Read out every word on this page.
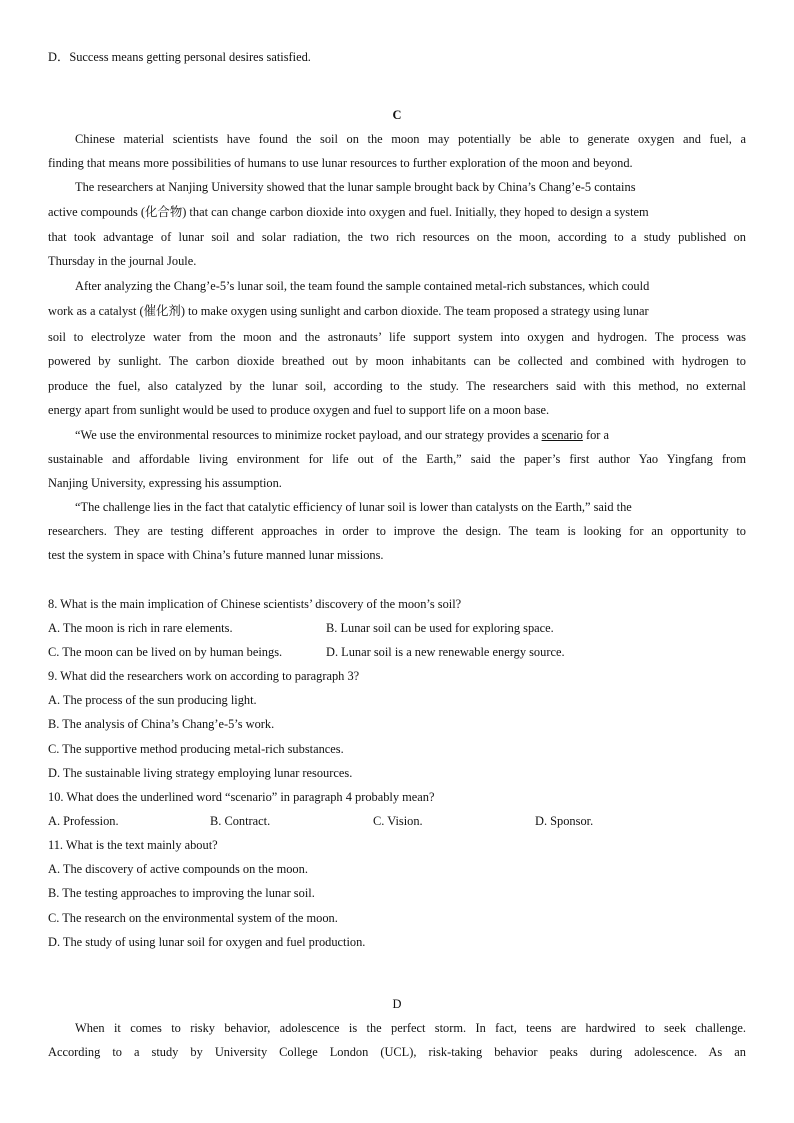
D．Success means getting personal desires satisfied.
C
Chinese material scientists have found the soil on the moon may potentially be able to generate oxygen and fuel, a
finding that means more possibilities of humans to use lunar resources to further exploration of the moon and beyond.
The researchers at Nanjing University showed that the lunar sample brought back by China’s Chang’e-5 contains
active compounds (化合物) that can change carbon dioxide into oxygen and fuel. Initially, they hoped to design a system
that took advantage of lunar soil and solar radiation, the two rich resources on the moon, according to a study published on
Thursday in the journal Joule.
After analyzing the Chang’e-5’s lunar soil, the team found the sample contained metal-rich substances, which could
work as a catalyst (催化剂) to make oxygen using sunlight and carbon dioxide. The team proposed a strategy using lunar
soil to electrolyze water from the moon and the astronauts’ life support system into oxygen and hydrogen. The process was
powered by sunlight. The carbon dioxide breathed out by moon inhabitants can be collected and combined with hydrogen to
produce the fuel, also catalyzed by the lunar soil, according to the study. The researchers said with this method, no external
energy apart from sunlight would be used to produce oxygen and fuel to support life on a moon base.
“We use the environmental resources to minimize rocket payload, and our strategy provides a scenario for a
sustainable and affordable living environment for life out of the Earth,” said the paper’s first author Yao Yingfang from
Nanjing University, expressing his assumption.
“The challenge lies in the fact that catalytic efficiency of lunar soil is lower than catalysts on the Earth,” said the
researchers. They are testing different approaches in order to improve the design. The team is looking for an opportunity to
test the system in space with China’s future manned lunar missions.
8. What is the main implication of Chinese scientists’ discovery of the moon’s soil?
A. The moon is rich in rare elements.	B. Lunar soil can be used for exploring space.
C. The moon can be lived on by human beings.	D. Lunar soil is a new renewable energy source.
9. What did the researchers work on according to paragraph 3?
A. The process of the sun producing light.
B. The analysis of China’s Chang’e-5’s work.
C. The supportive method producing metal-rich substances.
D. The sustainable living strategy employing lunar resources.
10. What does the underlined word “scenario” in paragraph 4 probably mean?
A. Profession.	B. Contract.	C. Vision.	D. Sponsor.
11. What is the text mainly about?
A. The discovery of active compounds on the moon.
B. The testing approaches to improving the lunar soil.
C. The research on the environmental system of the moon.
D. The study of using lunar soil for oxygen and fuel production.
D
When it comes to risky behavior, adolescence is the perfect storm. In fact, teens are hardwired to seek challenge.
According to a study by University College London (UCL), risk-taking behavior peaks during adolescence. As an
